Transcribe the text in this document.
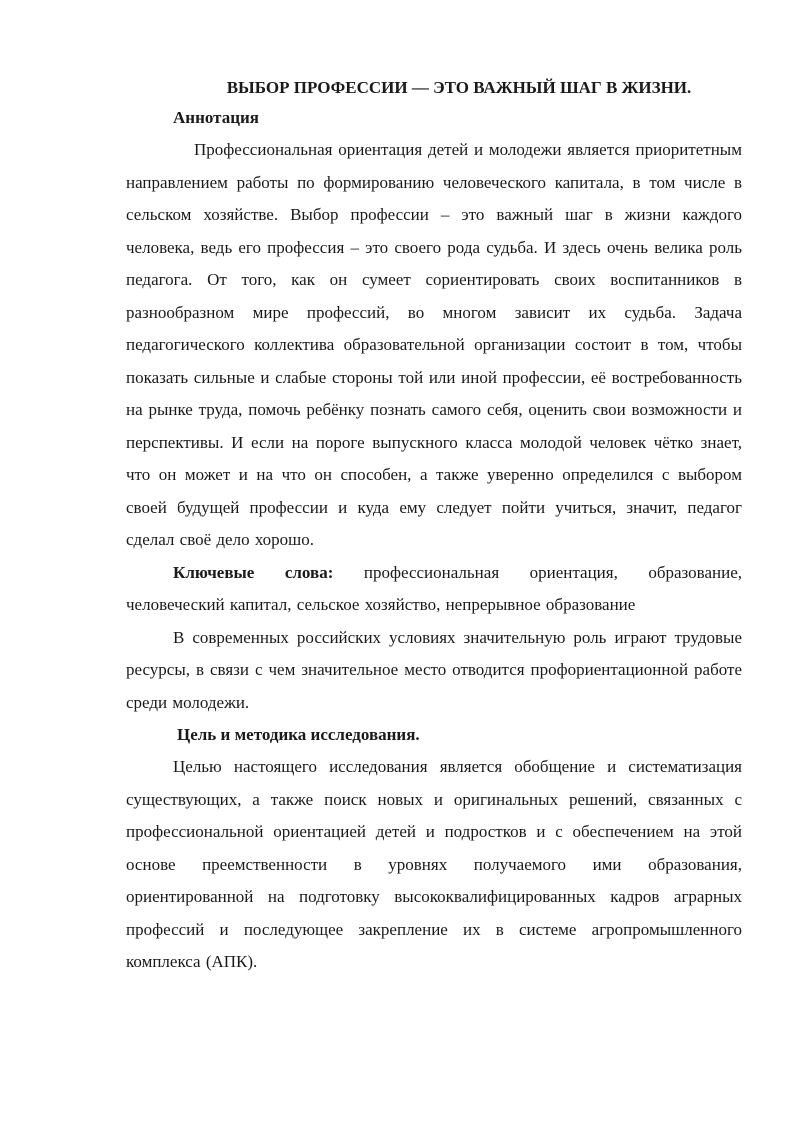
ВЫБОР ПРОФЕССИИ — ЭТО ВАЖНЫЙ ШАГ В ЖИЗНИ.

Аннотация

Профессиональная ориентация детей и молодежи является приоритетным направлением работы по формированию человеческого капитала, в том числе в сельском хозяйстве. Выбор профессии – это важный шаг в жизни каждого человека, ведь его профессия – это своего рода судьба. И здесь очень велика роль педагога. От того, как он сумеет сориентировать своих воспитанников в разнообразном мире профессий, во многом зависит их судьба. Задача педагогического коллектива образовательной организации состоит в том, чтобы показать сильные и слабые стороны той или иной профессии, её востребованность на рынке труда, помочь ребёнку познать самого себя, оценить свои возможности и перспективы. И если на пороге выпускного класса молодой человек чётко знает, что он может и на что он способен, а также уверенно определился с выбором своей будущей профессии и куда ему следует пойти учиться, значит, педагог сделал своё дело хорошо.

Ключевые слова: профессиональная ориентация, образование, человеческий капитал, сельское хозяйство, непрерывное образование

В современных российских условиях значительную роль играют трудовые ресурсы, в связи с чем значительное место отводится профориентационной работе среди молодежи.

Цель и методика исследования.

Целью настоящего исследования является обобщение и систематизация существующих, а также поиск новых и оригинальных решений, связанных с профессиональной ориентацией детей и подростков и с обеспечением на этой основе преемственности в уровнях получаемого ими образования, ориентированной на подготовку высококвалифицированных кадров аграрных профессий и последующее закрепление их в системе агропромышленного комплекса (АПК).
